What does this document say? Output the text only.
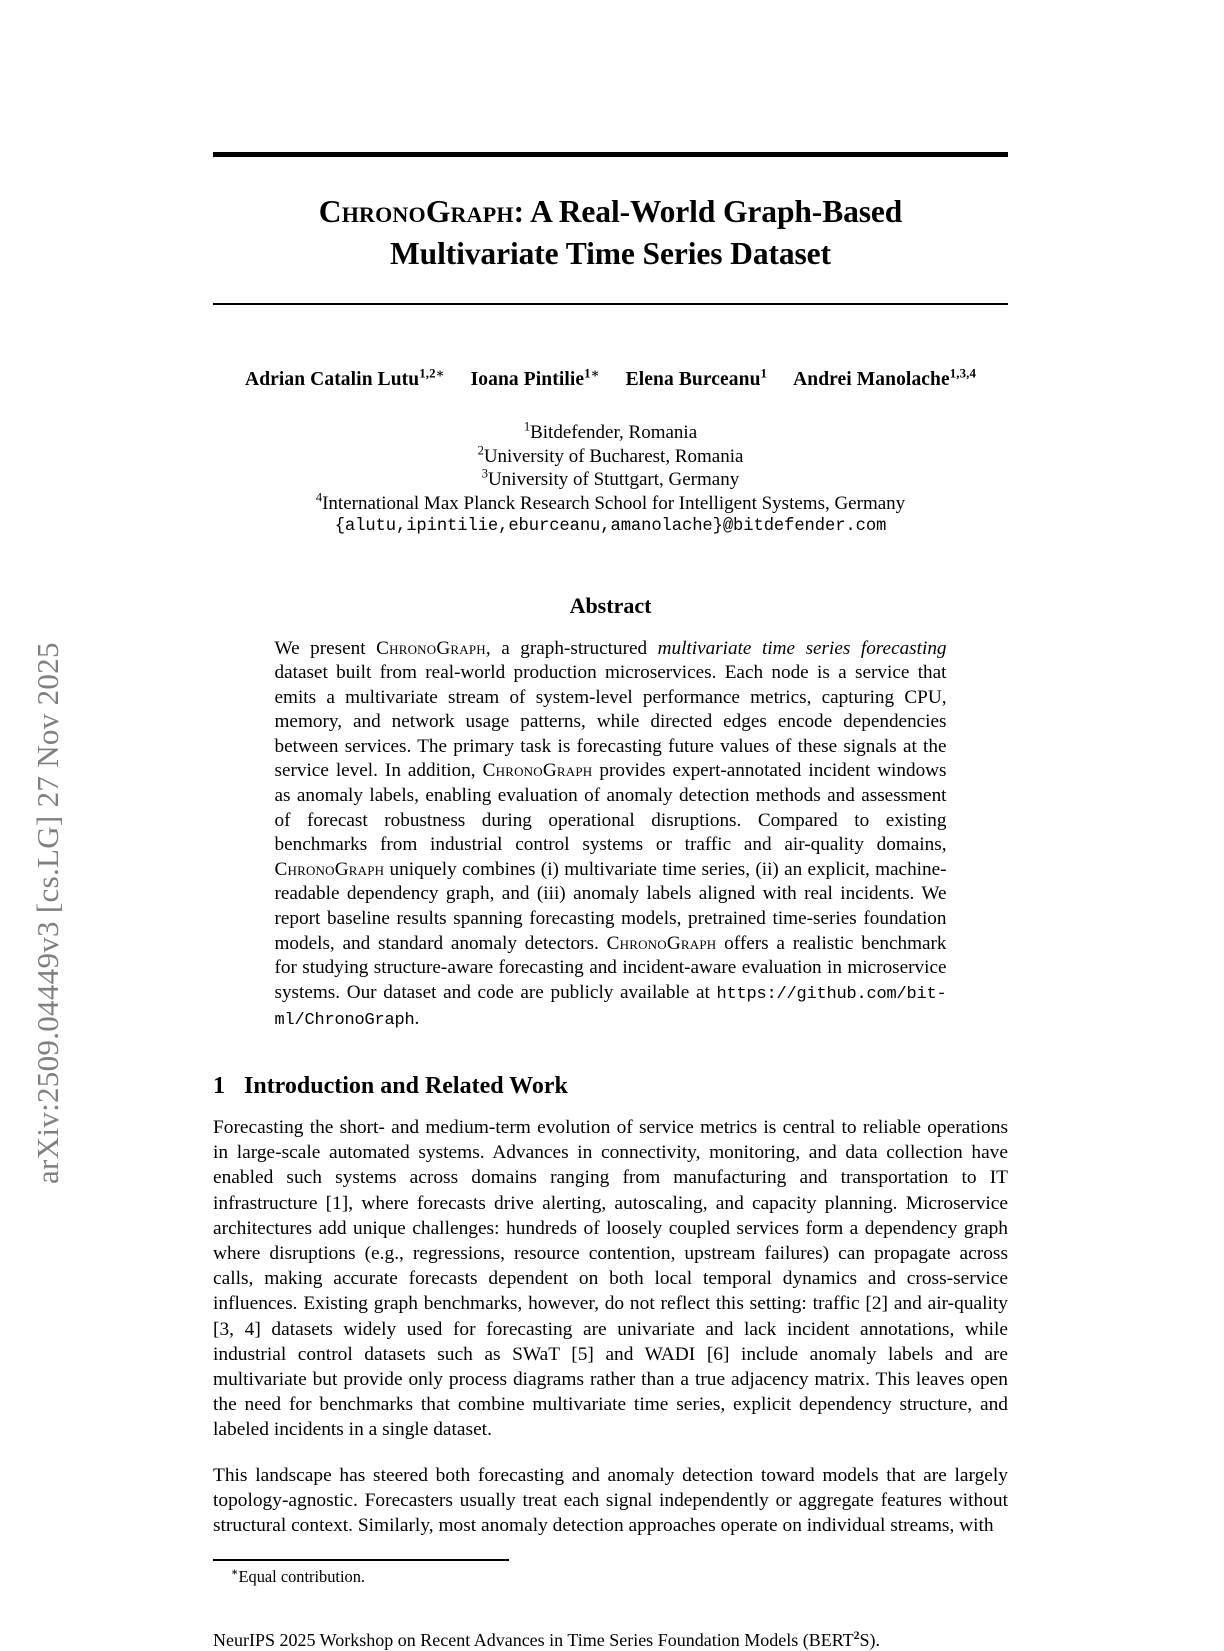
arXiv:2509.04449v3 [cs.LG] 27 Nov 2025
ChronoGraph: A Real-World Graph-Based
Multivariate Time Series Dataset
Adrian Catalin Lutu$^{1,2∗}$ Ioana Pintilie$^{1∗}$ Elena Burceanu$^1$ Andrei Manolache$^{1,3,4}$
$^1$Bitdefender, Romania
$^2$University of Bucharest, Romania
$^3$University of Stuttgart, Germany
$^4$International Max Planck Research School for Intelligent Systems, Germany
{alutu,ipintilie,eburceanu,amanolache}@bitdefender.com
Abstract
We present ChronoGraph, a graph-structured multivariate time series forecasting dataset built from real-world production microservices. Each node is a service that emits a multivariate stream of system-level performance metrics, capturing CPU, memory, and network usage patterns, while directed edges encode dependencies between services. The primary task is forecasting future values of these signals at the service level. In addition, ChronoGraph provides expert-annotated incident windows as anomaly labels, enabling evaluation of anomaly detection methods and assessment of forecast robustness during operational disruptions. Compared to existing benchmarks from industrial control systems or traffic and air-quality domains, ChronoGraph uniquely combines (i) multivariate time series, (ii) an explicit, machine-readable dependency graph, and (iii) anomaly labels aligned with real incidents. We report baseline results spanning forecasting models, pretrained time-series foundation models, and standard anomaly detectors. ChronoGraph offers a realistic benchmark for studying structure-aware forecasting and incident-aware evaluation in microservice systems. Our dataset and code are publicly available at https://github.com/bit-ml/ChronoGraph.
1 Introduction and Related Work
Forecasting the short- and medium-term evolution of service metrics is central to reliable operations in large-scale automated systems. Advances in connectivity, monitoring, and data collection have enabled such systems across domains ranging from manufacturing and transportation to IT infrastructure [1], where forecasts drive alerting, autoscaling, and capacity planning. Microservice architectures add unique challenges: hundreds of loosely coupled services form a dependency graph where disruptions (e.g., regressions, resource contention, upstream failures) can propagate across calls, making accurate forecasts dependent on both local temporal dynamics and cross-service influences. Existing graph benchmarks, however, do not reflect this setting: traffic [2] and air-quality [3, 4] datasets widely used for forecasting are univariate and lack incident annotations, while industrial control datasets such as SWaT [5] and WADI [6] include anomaly labels and are multivariate but provide only process diagrams rather than a true adjacency matrix. This leaves open the need for benchmarks that combine multivariate time series, explicit dependency structure, and labeled incidents in a single dataset.
This landscape has steered both forecasting and anomaly detection toward models that are largely topology-agnostic. Forecasters usually treat each signal independently or aggregate features without structural context. Similarly, most anomaly detection approaches operate on individual streams, with
∗Equal contribution.
NeurIPS 2025 Workshop on Recent Advances in Time Series Foundation Models (BERT$^2$S).
